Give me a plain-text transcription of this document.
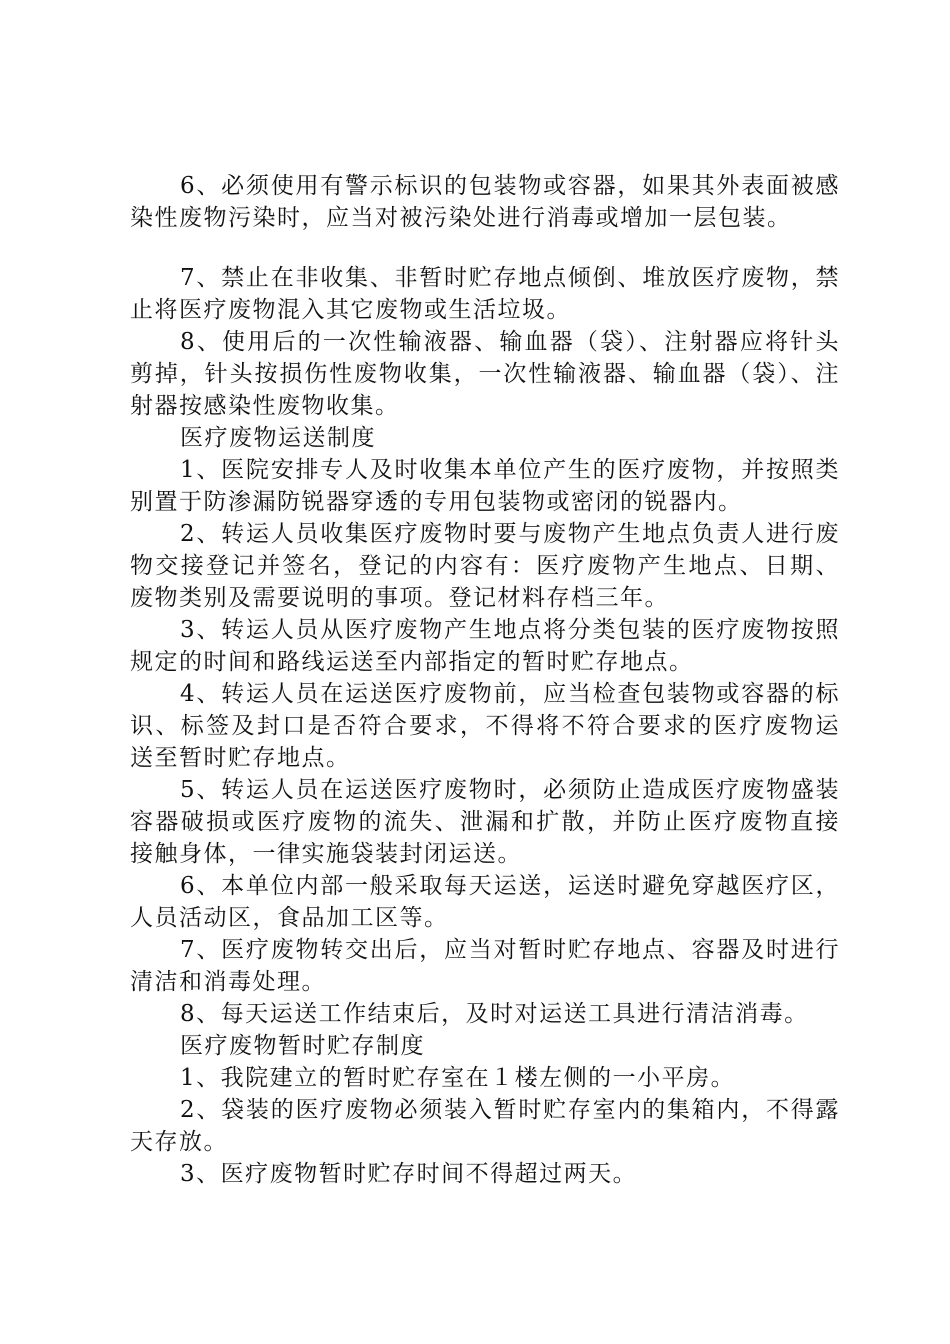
6、必须使用有警示标识的包装物或容器，如果其外表面被感染性废物污染时，应当对被污染处进行消毒或增加一层包装。

7、禁止在非收集、非暂时贮存地点倾倒、堆放医疗废物，禁止将医疗废物混入其它废物或生活垃圾。

8、使用后的一次性输液器、输血器（袋）、注射器应将针头剪掉，针头按损伤性废物收集，一次性输液器、输血器（袋）、注射器按感染性废物收集。

医疗废物运送制度

1、医院安排专人及时收集本单位产生的医疗废物，并按照类别置于防渗漏防锐器穿透的专用包装物或密闭的锐器内。

2、转运人员收集医疗废物时要与废物产生地点负责人进行废物交接登记并签名，登记的内容有：医疗废物产生地点、日期、废物类别及需要说明的事项。登记材料存档三年。

3、转运人员从医疗废物产生地点将分类包装的医疗废物按照规定的时间和路线运送至内部指定的暂时贮存地点。

4、转运人员在运送医疗废物前，应当检查包装物或容器的标识、标签及封口是否符合要求，不得将不符合要求的医疗废物运送至暂时贮存地点。

5、转运人员在运送医疗废物时，必须防止造成医疗废物盛装容器破损或医疗废物的流失、泄漏和扩散，并防止医疗废物直接接触身体，一律实施袋装封闭运送。

6、本单位内部一般采取每天运送，运送时避免穿越医疗区，人员活动区，食品加工区等。

7、医疗废物转交出后，应当对暂时贮存地点、容器及时进行清洁和消毒处理。

8、每天运送工作结束后，及时对运送工具进行清洁消毒。

医疗废物暂时贮存制度

1、我院建立的暂时贮存室在１楼左侧的一小平房。

2、袋装的医疗废物必须装入暂时贮存室内的集箱内，不得露天存放。

3、医疗废物暂时贮存时间不得超过两天。
